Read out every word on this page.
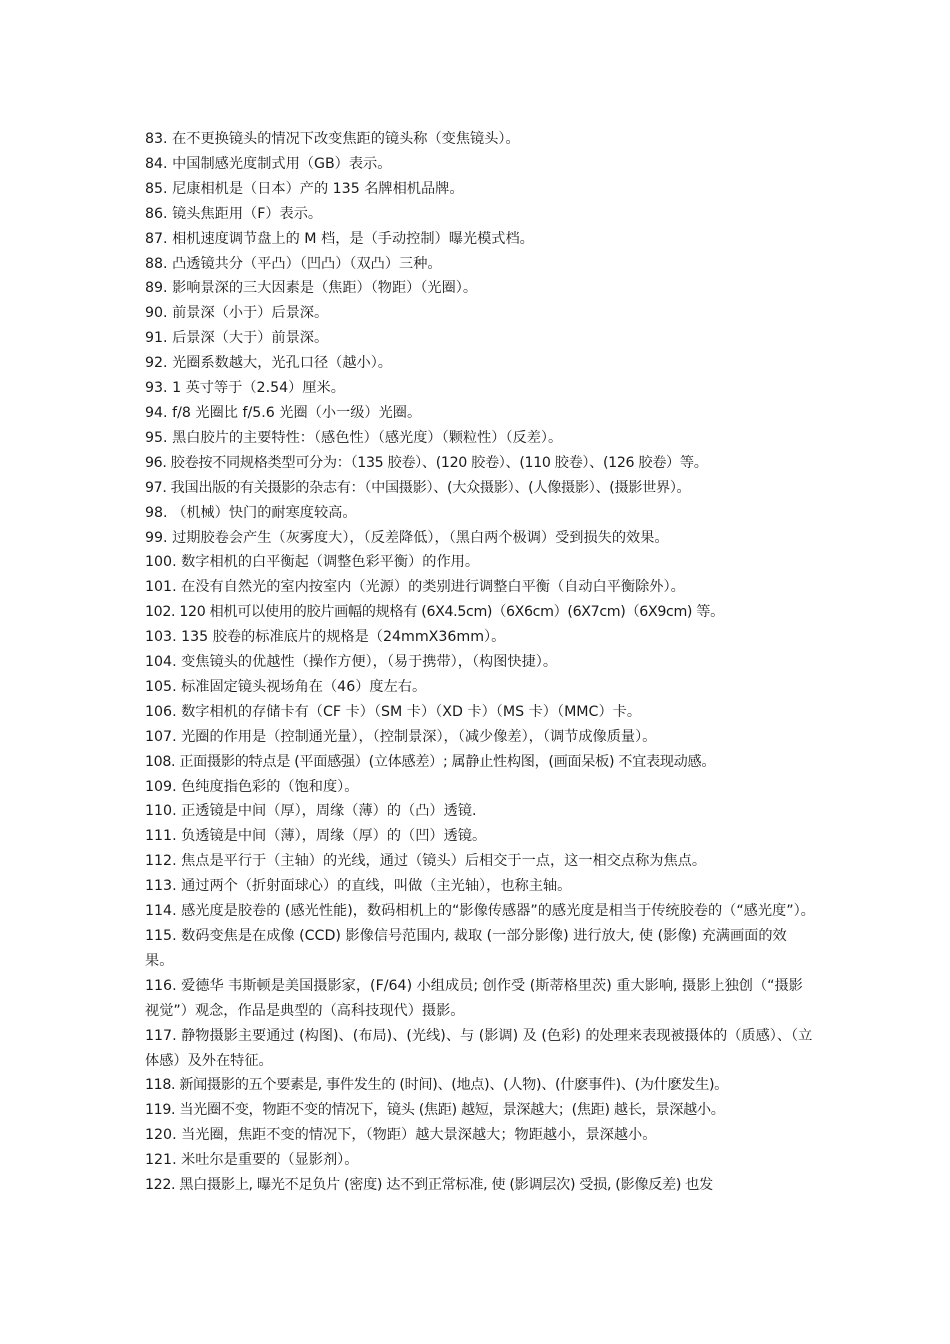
83. 在不更换镜头的情况下改变焦距的镜头称（变焦镜头）。

84. 中国制感光度制式用（GB）表示。

85. 尼康相机是（日本）产的 135 名牌相机品牌。

86. 镜头焦距用（F）表示。

87. 相机速度调节盘上的 M 档，是（手动控制）曝光模式档。

88. 凸透镜共分（平凸）（凹凸）（双凸）三种。

89. 影响景深的三大因素是（焦距）（物距）（光圈）。

90. 前景深（小于）后景深。

91. 后景深（大于）前景深。

92. 光圈系数越大，光孔口径（越小）。

93. 1 英寸等于（2.54）厘米。

94. f/8 光圈比 f/5.6 光圈（小一级）光圈。

95. 黑白胶片的主要特性：（感色性）（感光度）（颗粒性）（反差）。

96. 胶卷按不同规格类型可分为：（135 胶卷）、(120 胶卷）、(110 胶卷）、(126 胶卷）等。

97. 我国出版的有关摄影的杂志有：（中国摄影）、(大众摄影）、(人像摄影）、(摄影世界）。

98. （机械）快门的耐寒度较高。

99. 过期胶卷会产生（灰雾度大），（反差降低），（黑白两个极调）受到损失的效果。

100. 数字相机的白平衡起（调整色彩平衡）的作用。

101. 在没有自然光的室内按室内（光源）的类别进行调整白平衡（自动白平衡除外）。

102. 120 相机可以使用的胶片画幅的规格有 (6X4.5cm)（6X6cm）(6X7cm)（6X9cm) 等。

103. 135 胶卷的标准底片的规格是（24mmX36mm）。

104. 变焦镜头的优越性（操作方便），（易于携带），（构图快捷）。

105. 标准固定镜头视场角在（46）度左右。

106. 数字相机的存储卡有（CF 卡）（SM 卡）（XD 卡）（MS 卡）（MMC）卡。

107. 光圈的作用是（控制通光量），（控制景深），（减少像差），（调节成像质量）。

108. 正面摄影的特点是 (平面感强）(立体感差）; 属静止性构图，(画面呆板) 不宜表现动感。

109. 色纯度指色彩的（饱和度）。

110. 正透镜是中间（厚），周缘（薄）的（凸）透镜.

111. 负透镜是中间（薄），周缘（厚）的（凹）透镜。

112. 焦点是平行于（主轴）的光线，通过（镜头）后相交于一点，这一相交点称为焦点。

113. 通过两个（折射面球心）的直线，叫做（主光轴），也称主轴。

114. 感光度是胶卷的 (感光性能)，数码相机上的“影像传感器”的感光度是相当于传统胶卷的（“感光度”）。

115. 数码变焦是在成像 (CCD) 影像信号范围内, 裁取 (一部分影像) 进行放大, 使 (影像) 充满画面的效果。

116. 爱德华 韦斯顿是美国摄影家，(F/64) 小组成员; 创作受 (斯蒂格里茨) 重大影响, 摄影上独创（“摄影视觉”）观念，作品是典型的（高科技现代）摄影。

117. 静物摄影主要通过 (构图)、(布局)、(光线)、与 (影调) 及 (色彩) 的处理来表现被摄体的（质感）、（立体感）及外在特征。

118. 新闻摄影的五个要素是, 事件发生的 (时间)、(地点)、(人物)、(什麽事件)、(为什麽发生)。

119. 当光圈不变，物距不变的情况下，镜头 (焦距) 越短，景深越大；(焦距) 越长，景深越小。

120. 当光圈，焦距不变的情况下，（物距）越大景深越大；物距越小，景深越小。

121. 米吐尔是重要的（显影剂）。

122. 黑白摄影上, 曝光不足负片 (密度) 达不到正常标准, 使 (影调层次) 受损, (影像反差) 也发
